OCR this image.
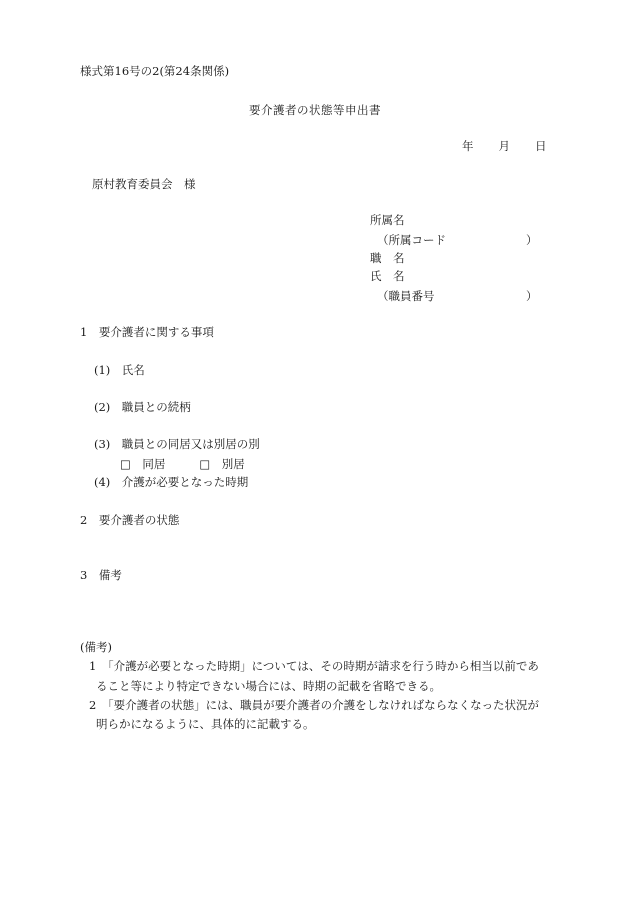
様式第16号の2(第24条関係)
要介護者の状態等申出書
年 月 日
原村教育委員会　様
所属名
（所属コード	）
職　名
氏　名
（職員番号	）
1　要介護者に関する事項
(1)　氏名
(2)　職員との続柄
(3)　職員との同居又は別居の別
□　同居	□　別居
(4)　介護が必要となった時期
2　要介護者の状態
3　備考
(備考)
1　「介護が必要となった時期」については、その時期が請求を行う時から相当以前であ
ること等により特定できない場合には、時期の記載を省略できる。
2　「要介護者の状態」には、職員が要介護者の介護をしなければならなくなった状況が
明らかになるように、具体的に記載する。
